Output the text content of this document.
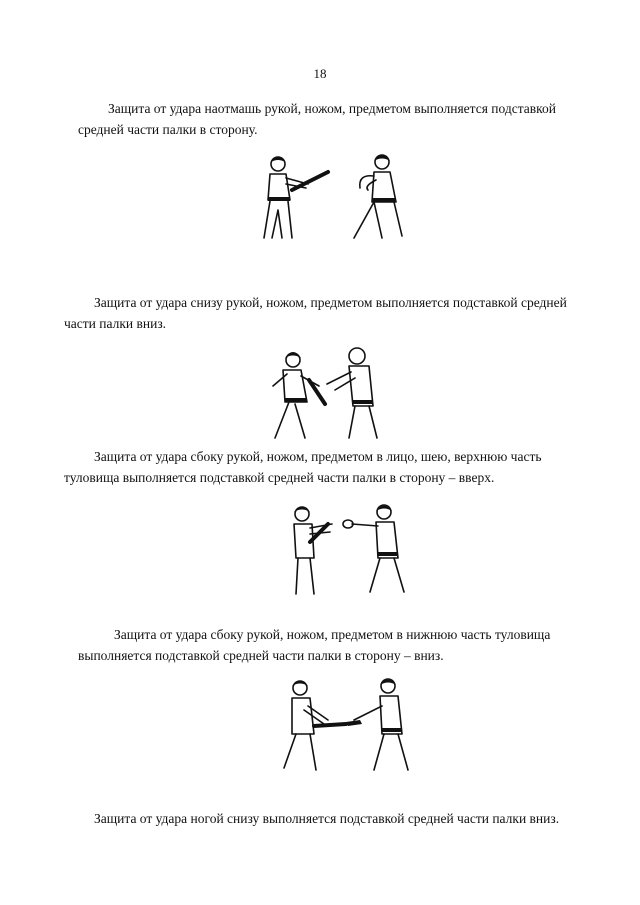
18

Защита от удара наотмашь рукой, ножом, предметом выполняется подставкой
средней части палки в сторону.

Защита от удара снизу рукой, ножом, предметом выполняется подставкой средней
части палки вниз.

Защита от удара сбоку рукой, ножом, предметом в лицо, шею, верхнюю часть
туловища выполняется подставкой средней части палки в сторону – вверх.

Защита от удара сбоку рукой, ножом, предметом в нижнюю часть туловища
выполняется подставкой средней части палки в сторону – вниз.

Защита от удара ногой снизу выполняется подставкой средней части палки вниз.
